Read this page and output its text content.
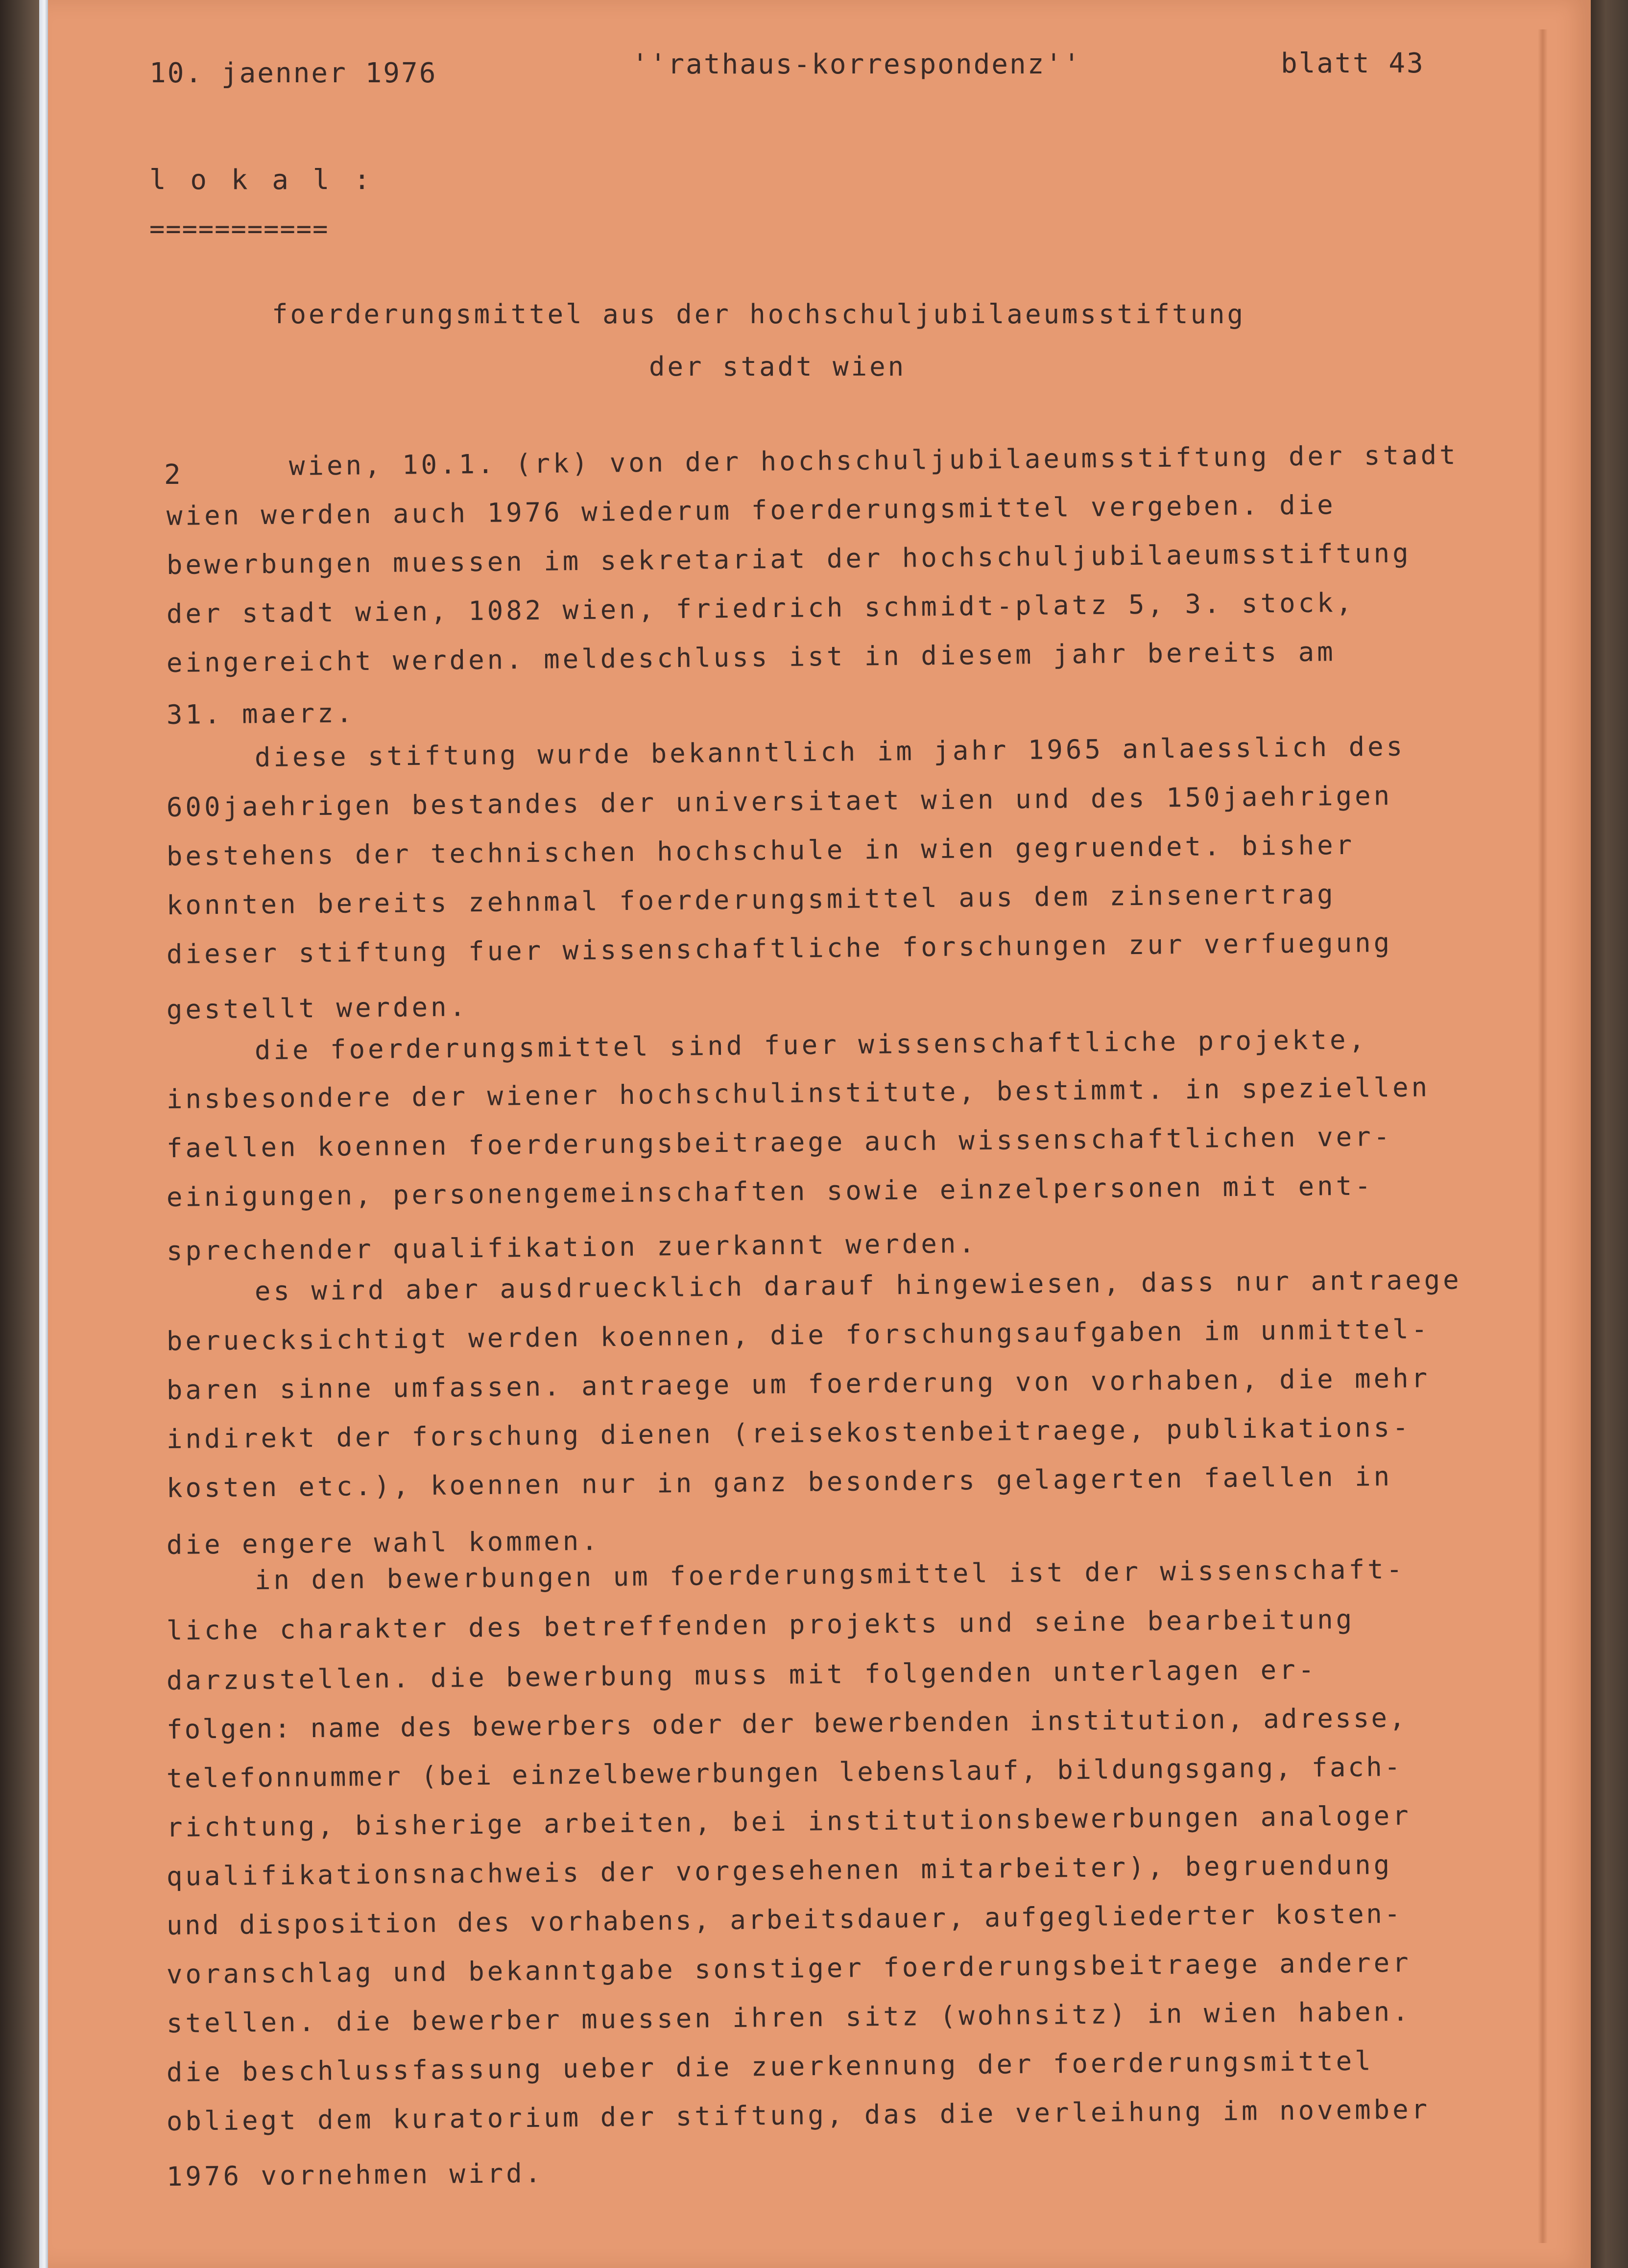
10. jaenner 1976	''rathaus-korrespondenz''	blatt 43
l o k a l :
===========
foerderungsmittel aus der hochschuljubilaeumsstiftung
der stadt wien
2	wien, 10.1. (rk) von der hochschuljubilaeumsstiftung der stadt
wien werden auch 1976 wiederum foerderungsmittel vergeben. die
bewerbungen muessen im sekretariat der hochschuljubilaeumsstiftung
der stadt wien, 1082 wien, friedrich schmidt-platz 5, 3. stock,
eingereicht werden. meldeschluss ist in diesem jahr bereits am
31. maerz.
diese stiftung wurde bekanntlich im jahr 1965 anlaesslich des
600jaehrigen bestandes der universitaet wien und des 150jaehrigen
bestehens der technischen hochschule in wien gegruendet. bisher
konnten bereits zehnmal foerderungsmittel aus dem zinsenertrag
dieser stiftung fuer wissenschaftliche forschungen zur verfuegung
gestellt werden.
die foerderungsmittel sind fuer wissenschaftliche projekte,
insbesondere der wiener hochschulinstitute, bestimmt. in speziellen
faellen koennen foerderungsbeitraege auch wissenschaftlichen ver-
einigungen, personengemeinschaften sowie einzelpersonen mit ent-
sprechender qualifikation zuerkannt werden.
es wird aber ausdruecklich darauf hingewiesen, dass nur antraege
beruecksichtigt werden koennen, die forschungsaufgaben im unmittel-
baren sinne umfassen. antraege um foerderung von vorhaben, die mehr
indirekt der forschung dienen (reisekostenbeitraege, publikations-
kosten etc.), koennen nur in ganz besonders gelagerten faellen in
die engere wahl kommen.
in den bewerbungen um foerderungsmittel ist der wissenschaft-
liche charakter des betreffenden projekts und seine bearbeitung
darzustellen. die bewerbung muss mit folgenden unterlagen er-
folgen: name des bewerbers oder der bewerbenden institution, adresse,
telefonnummer (bei einzelbewerbungen lebenslauf, bildungsgang, fach-
richtung, bisherige arbeiten, bei institutionsbewerbungen analoger
qualifikationsnachweis der vorgesehenen mitarbeiter), begruendung
und disposition des vorhabens, arbeitsdauer, aufgegliederter kosten-
voranschlag und bekanntgabe sonstiger foerderungsbeitraege anderer
stellen. die bewerber muessen ihren sitz (wohnsitz) in wien haben.
die beschlussfassung ueber die zuerkennung der foerderungsmittel
obliegt dem kuratorium der stiftung, das die verleihung im november
1976 vornehmen wird.
